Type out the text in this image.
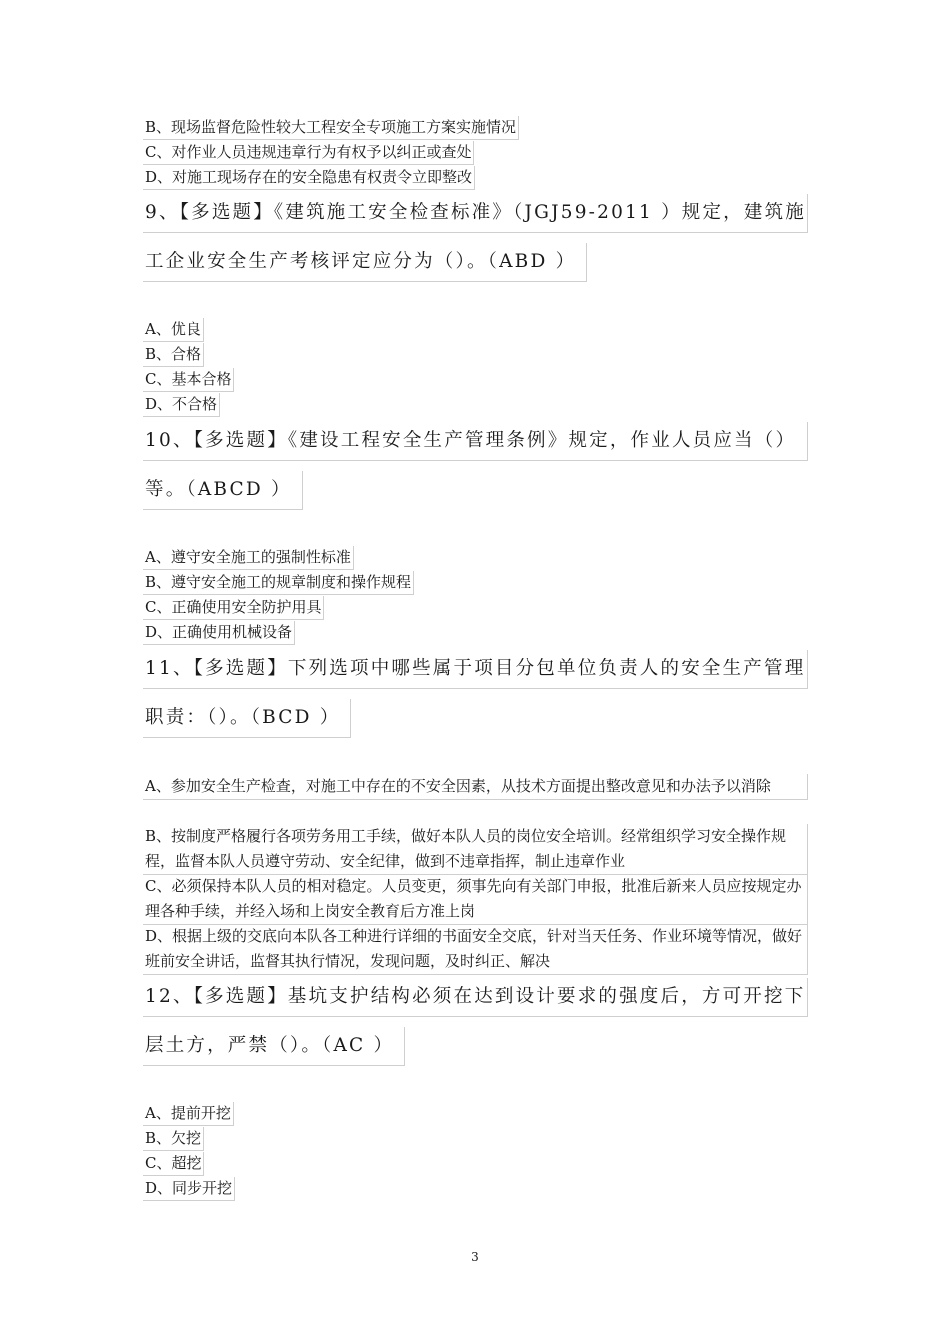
B、现场监督危险性较大工程安全专项施工方案实施情况
C、对作业人员违规违章行为有权予以纠正或查处
D、对施工现场存在的安全隐患有权责令立即整改
9、【多选题】《建筑施工安全检查标准》（JGJ59-2011 ）规定，建筑施
工企业安全生产考核评定应分为（）。（ABD ）
A、优良
B、合格
C、基本合格
D、不合格
10、【多选题】《建设工程安全生产管理条例》规定，作业人员应当（）
等。（ABCD ）
A、遵守安全施工的强制性标准
B、遵守安全施工的规章制度和操作规程
C、正确使用安全防护用具
D、正确使用机械设备
11、【多选题】下列选项中哪些属于项目分包单位负责人的安全生产管理
职责：（）。（BCD ）
A、参加安全生产检查，对施工中存在的不安全因素，从技术方面提出整改意见和办法予以消除
B、按制度严格履行各项劳务用工手续，做好本队人员的岗位安全培训。经常组织学习安全操作规程，监督本队人员遵守劳动、安全纪律，做到不违章指挥，制止违章作业
C、必须保持本队人员的相对稳定。人员变更，须事先向有关部门申报，批准后新来人员应按规定办理各种手续，并经入场和上岗安全教育后方准上岗
D、根据上级的交底向本队各工种进行详细的书面安全交底，针对当天任务、作业环境等情况，做好班前安全讲话，监督其执行情况，发现问题，及时纠正、解决
12、【多选题】基坑支护结构必须在达到设计要求的强度后，方可开挖下
层土方，严禁（）。（AC ）
A、提前开挖
B、欠挖
C、超挖
D、同步开挖
3
